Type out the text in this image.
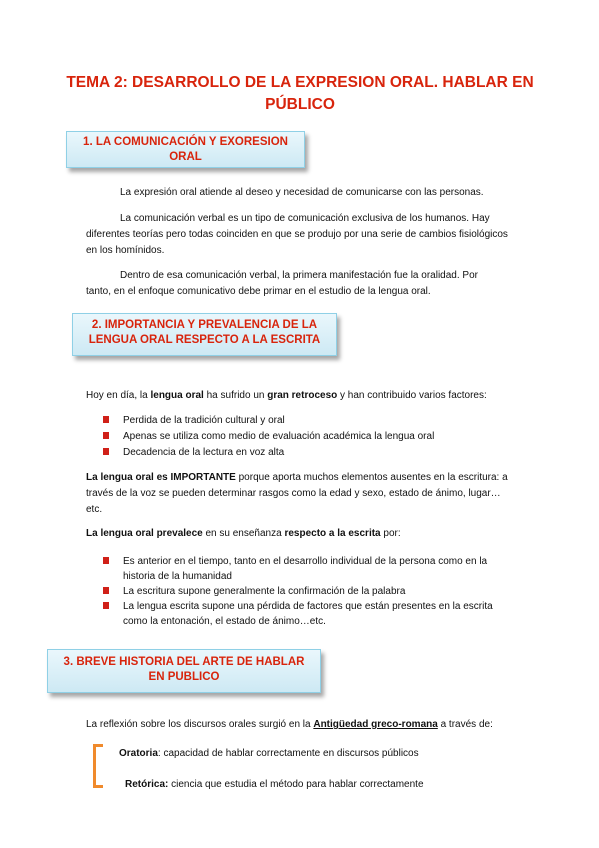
TEMA 2: DESARROLLO DE LA EXPRESION ORAL. HABLAR EN
PÚBLICO
1. LA COMUNICACIÓN Y EXORESION
ORAL
La expresión oral atiende al deseo y necesidad de comunicarse con las personas.
La comunicación verbal es un tipo de comunicación exclusiva de los humanos. Hay diferentes teorías pero todas coinciden en que se produjo por una serie de cambios fisiológicos en los homínidos.
Dentro de esa comunicación verbal, la primera manifestación fue la oralidad. Por tanto, en el enfoque comunicativo debe primar en el estudio de la lengua oral.
2. IMPORTANCIA Y PREVALENCIA DE LA
LENGUA ORAL RESPECTO A LA ESCRITA
Hoy en día, la lengua oral ha sufrido un gran retroceso y han contribuido varios factores:
Perdida de la tradición cultural y oral
Apenas se utiliza como medio de evaluación académica la lengua oral
Decadencia de la lectura en voz alta
La lengua oral es IMPORTANTE porque aporta muchos elementos ausentes en la escritura: a través de la voz se pueden determinar rasgos como la edad y sexo, estado de ánimo, lugar…etc.
La lengua oral prevalece en su enseñanza respecto a la escrita por:
Es anterior en el tiempo, tanto en el desarrollo individual de la persona como en la
historia de la humanidad
La escritura supone generalmente la confirmación de la palabra
La lengua escrita supone una pérdida de factores que están presentes en la escrita
como la entonación, el estado de ánimo…etc.
3. BREVE HISTORIA DEL ARTE DE HABLAR
EN PUBLICO
La reflexión sobre los discursos orales surgió en la Antigüedad greco-romana a través de:
Oratoria: capacidad de hablar correctamente en discursos públicos
Retórica: ciencia que estudia el método para hablar correctamente
